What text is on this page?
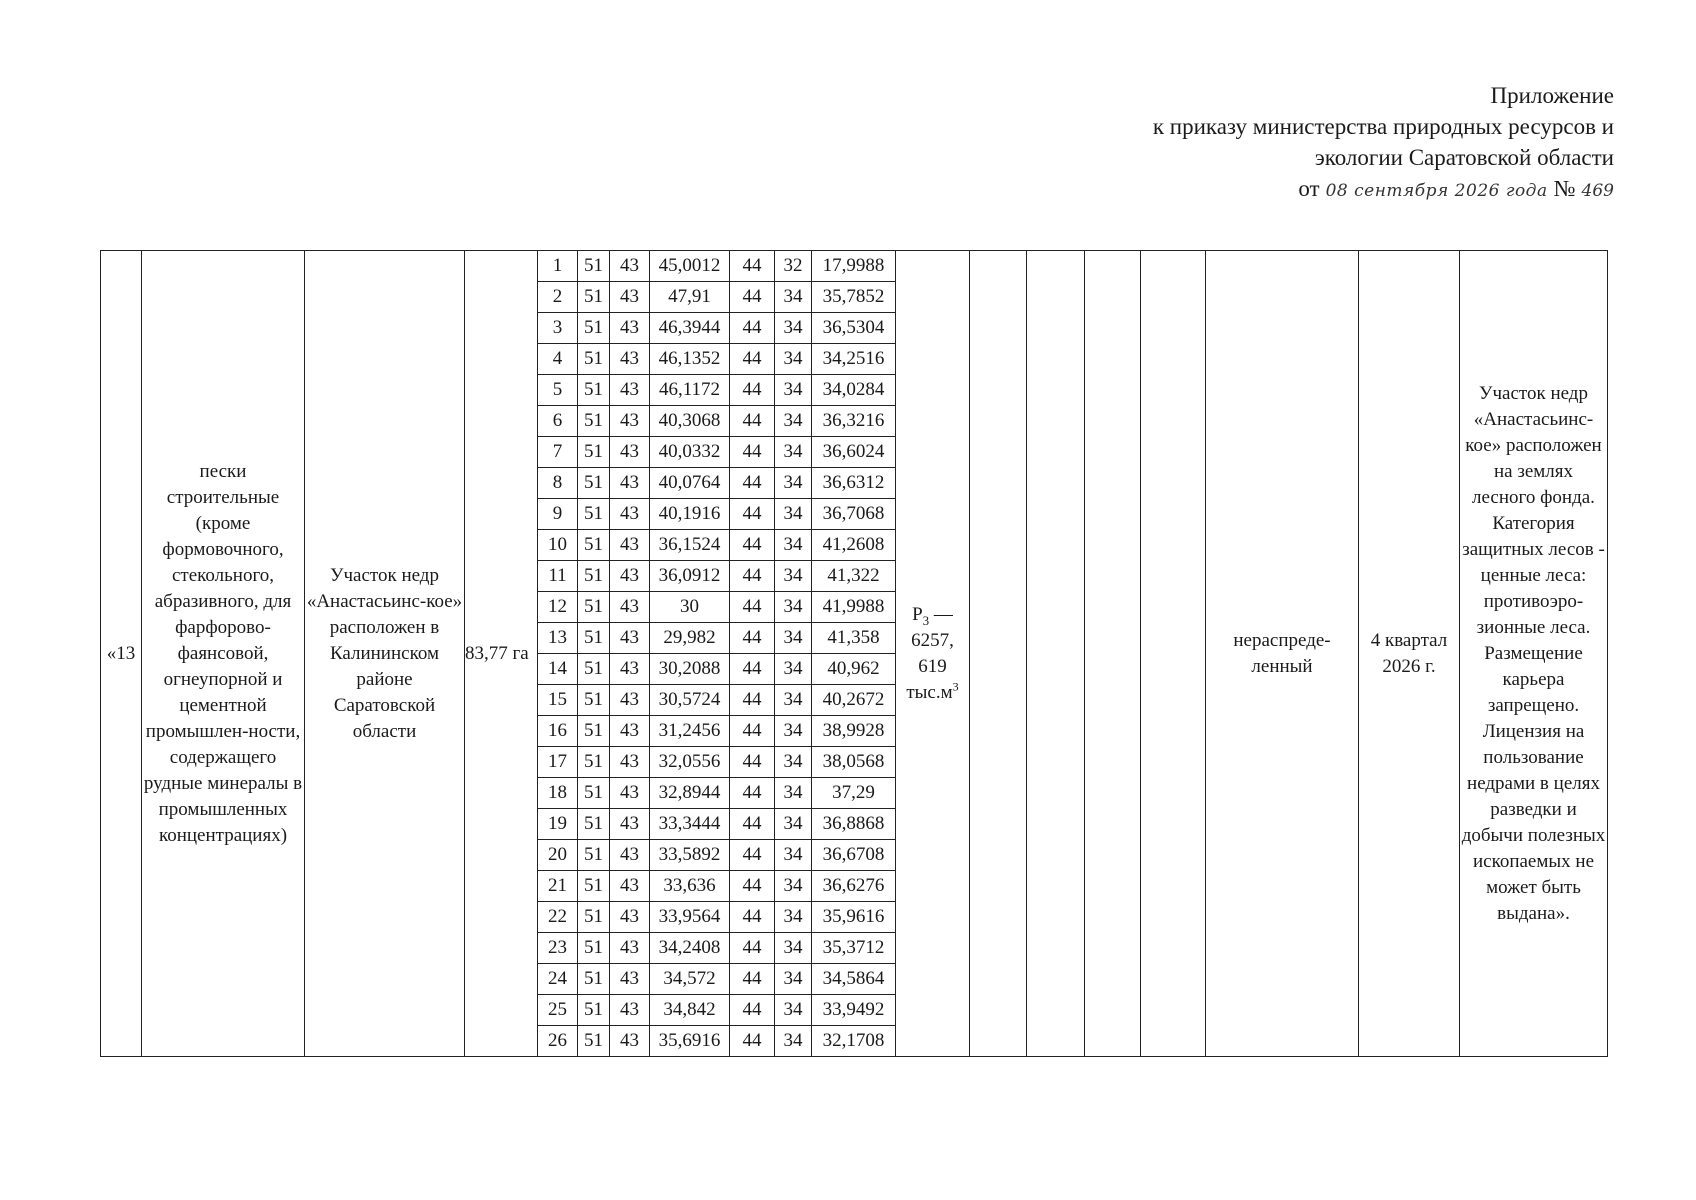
Приложение
к приказу министерства природных ресурсов и
экологии Саратовской области
от 08 сентября 2026 года № 469
«13	пески строительные (кроме формовочного, стекольного, абразивного, для фарфорово-фаянсовой, огнеупорной и цементной промышлен-ности, содержащего рудные минералы в промышленных концентрациях)	Участок недр «Анастасьинс-кое» расположен в Калининском районе Саратовской области	83,77 га	1	51	43	45,0012	44	32	17,9988	$P_3$ — 6257, 619 $тыс.м^3$					нераспреде-ленный	4 квартал 2026 г.	Участок недр «Анастасьинс-кое» расположен на землях лесного фонда. Категория защитных лесов - ценные леса: противоэро-зионные леса. Размещение карьера запрещено. Лицензия на пользование недрами в целях разведки и добычи полезных ископаемых не может быть выдана».
				2	51	43	47,91	44	34	35,7852								
				3	51	43	46,3944	44	34	36,5304								
				4	51	43	46,1352	44	34	34,2516								
				5	51	43	46,1172	44	34	34,0284								
				6	51	43	40,3068	44	34	36,3216								
				7	51	43	40,0332	44	34	36,6024								
				8	51	43	40,0764	44	34	36,6312								
				9	51	43	40,1916	44	34	36,7068								
				10	51	43	36,1524	44	34	41,2608								
				11	51	43	36,0912	44	34	41,322								
				12	51	43	30	44	34	41,9988								
				13	51	43	29,982	44	34	41,358								
				14	51	43	30,2088	44	34	40,962								
				15	51	43	30,5724	44	34	40,2672								
				16	51	43	31,2456	44	34	38,9928								
				17	51	43	32,0556	44	34	38,0568								
				18	51	43	32,8944	44	34	37,29								
				19	51	43	33,3444	44	34	36,8868								
				20	51	43	33,5892	44	34	36,6708								
				21	51	43	33,636	44	34	36,6276								
				22	51	43	33,9564	44	34	35,9616								
				23	51	43	34,2408	44	34	35,3712								
				24	51	43	34,572	44	34	34,5864								
				25	51	43	34,842	44	34	33,9492								
				26	51	43	35,6916	44	34	32,1708								
